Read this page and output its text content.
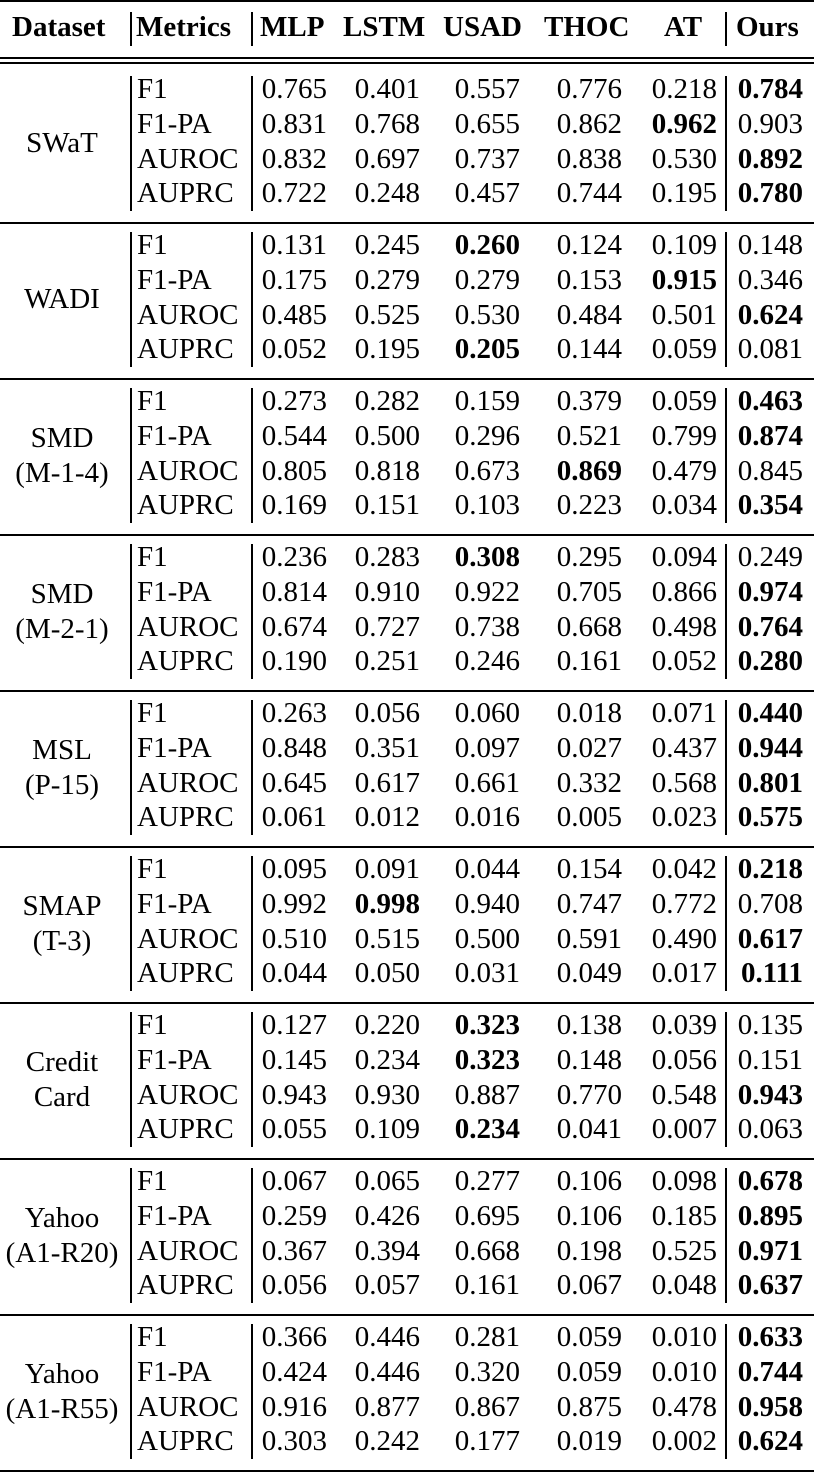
Dataset Metrics MLP LSTM USAD THOC AT Ours
SWaT
F1	0.765 0.401	0.557	0.776	0.218 0.784
F1-PA	0.831 0.768	0.655	0.862	0.962 0.903
AUROC 0.832 0.697	0.737	0.838	0.530 0.892
AUPRC 0.722 0.248	0.457	0.744	0.195 0.780
WADI
F1	0.131 0.245	0.260	0.124	0.109 0.148
F1-PA	0.175 0.279	0.279	0.153	0.915 0.346
AUROC 0.485 0.525	0.530	0.484	0.501 0.624
AUPRC 0.052 0.195	0.205	0.144	0.059 0.081
SMD
(M-1-4)
F1	0.273 0.282	0.159	0.379	0.059 0.463
F1-PA	0.544 0.500	0.296	0.521	0.799 0.874
AUROC 0.805 0.818	0.673	0.869	0.479 0.845
AUPRC 0.169 0.151	0.103	0.223	0.034 0.354
SMD
(M-2-1)
F1	0.236 0.283	0.308	0.295	0.094 0.249
F1-PA	0.814 0.910	0.922	0.705	0.866 0.974
AUROC 0.674 0.727	0.738	0.668	0.498 0.764
AUPRC 0.190 0.251	0.246	0.161	0.052 0.280
MSL
(P-15)
F1	0.263 0.056	0.060	0.018	0.071 0.440
F1-PA	0.848 0.351	0.097	0.027	0.437 0.944
AUROC 0.645 0.617	0.661	0.332	0.568 0.801
AUPRC 0.061 0.012	0.016	0.005	0.023 0.575
SMAP
(T-3)
F1	0.095 0.091	0.044	0.154	0.042 0.218
F1-PA	0.992 0.998	0.940	0.747	0.772 0.708
AUROC 0.510 0.515	0.500	0.591	0.490 0.617
AUPRC 0.044 0.050	0.031	0.049	0.017 0.111
Credit
Card
F1	0.127 0.220	0.323	0.138	0.039 0.135
F1-PA	0.145 0.234	0.323	0.148	0.056 0.151
AUROC 0.943 0.930	0.887	0.770	0.548 0.943
AUPRC 0.055 0.109	0.234	0.041	0.007 0.063
Yahoo
(A1-R20)
F1	0.067 0.065	0.277	0.106	0.098 0.678
F1-PA	0.259 0.426	0.695	0.106	0.185 0.895
AUROC 0.367 0.394	0.668	0.198	0.525 0.971
AUPRC 0.056 0.057	0.161	0.067	0.048 0.637
Yahoo
(A1-R55)
F1	0.366 0.446	0.281	0.059	0.010 0.633
F1-PA	0.424 0.446	0.320	0.059	0.010 0.744
AUROC 0.916 0.877	0.867	0.875	0.478 0.958
AUPRC 0.303 0.242	0.177	0.019	0.002 0.624
